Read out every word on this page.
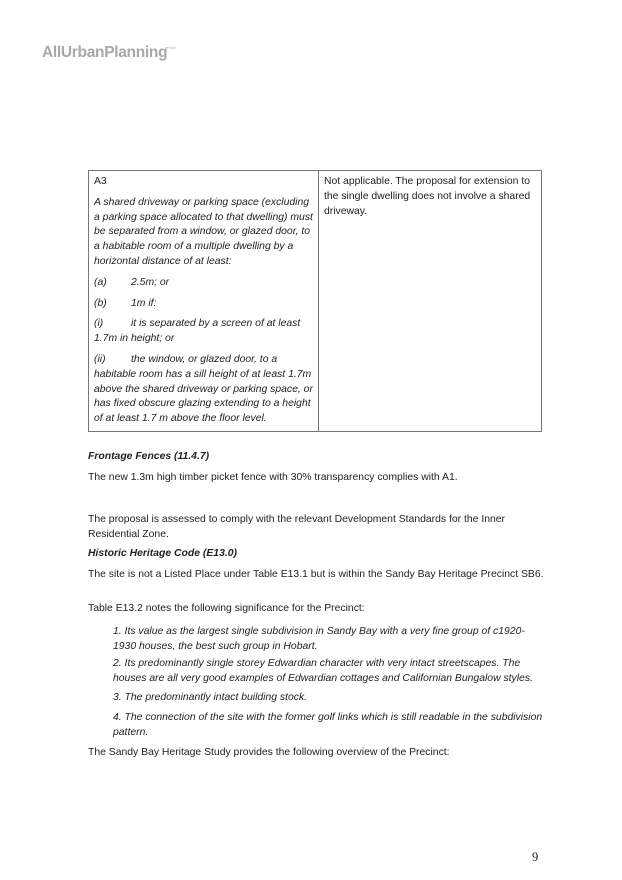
AllUrbanPlanning$^{PTY LTD}$

A3

A shared driveway or parking space (excluding a parking space allocated to that dwelling) must be separated from a window, or glazed door, to a habitable room of a multiple dwelling by a horizontal distance of at least:

(a) 2.5m; or

(b) 1m if:

(i)	it is separated by a screen of at least 1.7m in height; or

(ii) the window, or glazed door, to a habitable room has a sill height of at least 1.7m above the shared driveway or parking space, or has fixed obscure glazing extending to a height of at least 1.7 m above the floor level.

	Not applicable. The proposal for extension to the single dwelling does not involve a shared driveway.

Frontage Fences (11.4.7)

The new 1.3m high timber picket fence with 30% transparency complies with A1.

The proposal is assessed to comply with the relevant Development Standards for the Inner Residential Zone.

Historic Heritage Code (E13.0)

The site is not a Listed Place under Table E13.1 but is within the Sandy Bay Heritage Precinct SB6.

Table E13.2 notes the following significance for the Precinct:

1. Its value as the largest single subdivision in Sandy Bay with a very fine group of c1920-1930 houses, the best such group in Hobart.

2. Its predominantly single storey Edwardian character with very intact streetscapes. The houses are all very good examples of Edwardian cottages and Californian Bungalow styles.

3. The predominantly intact building stock.

4. The connection of the site with the former golf links which is still readable in the subdivision pattern.

The Sandy Bay Heritage Study provides the following overview of the Precinct:

9
